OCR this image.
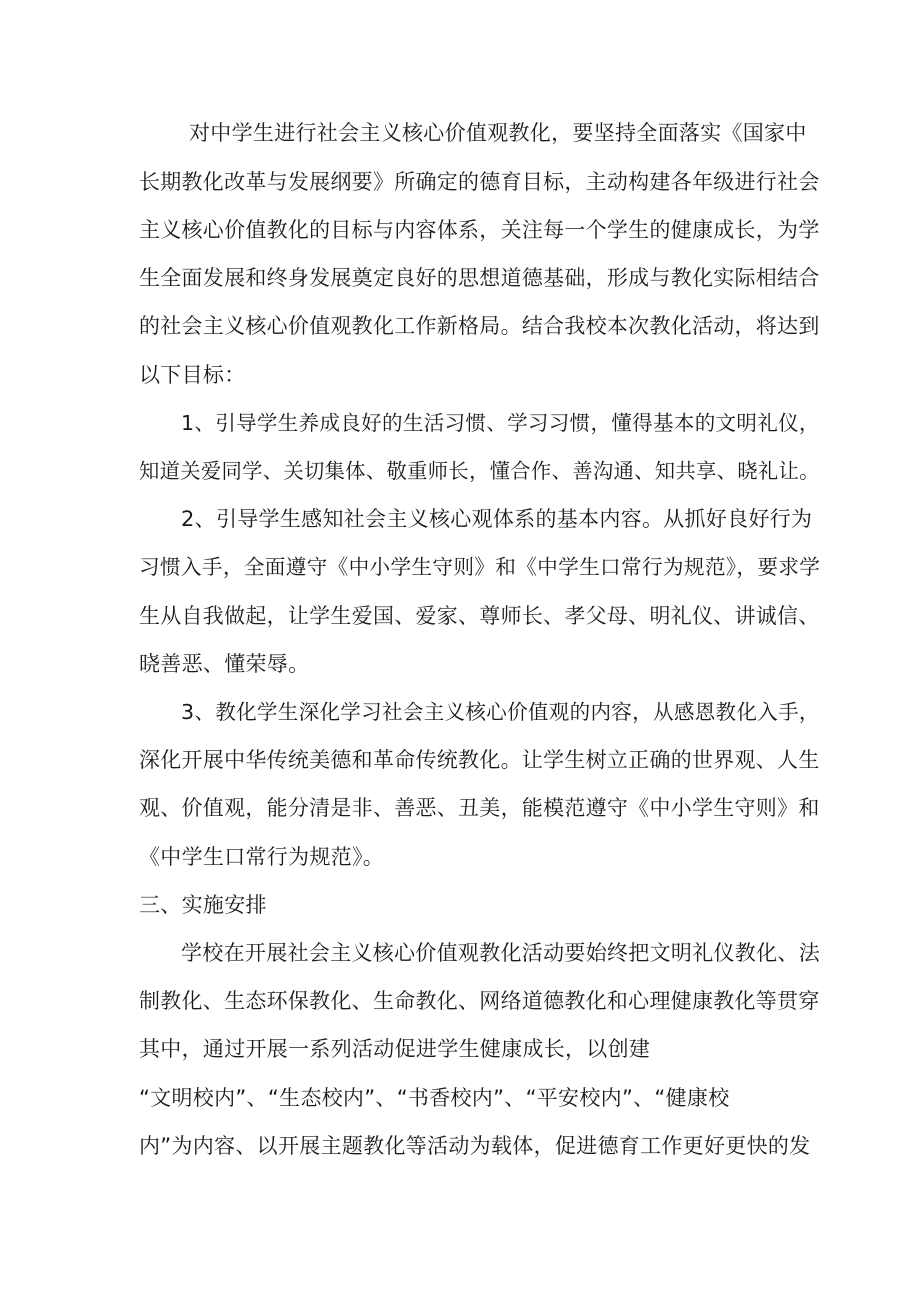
对中学生进行社会主义核心价值观教化，要坚持全面落实《国家中
长期教化改革与发展纲要》所确定的德育目标，主动构建各年级进行社会
主义核心价值教化的目标与内容体系，关注每一个学生的健康成长，为学
生全面发展和终身发展奠定良好的思想道德基础，形成与教化实际相结合
的社会主义核心价值观教化工作新格局。结合我校本次教化活动，将达到
以下目标：
1、引导学生养成良好的生活习惯、学习习惯，懂得基本的文明礼仪，
知道关爱同学、关切集体、敬重师长，懂合作、善沟通、知共享、晓礼让。
2、引导学生感知社会主义核心观体系的基本内容。从抓好良好行为
习惯入手，全面遵守《中小学生守则》和《中学生口常行为规范》，要求学
生从自我做起，让学生爱国、爱家、尊师长、孝父母、明礼仪、讲诚信、
晓善恶、懂荣辱。
3、教化学生深化学习社会主义核心价值观的内容，从感恩教化入手，
深化开展中华传统美德和革命传统教化。让学生树立正确的世界观、人生
观、价值观，能分清是非、善恶、丑美，能模范遵守《中小学生守则》和
《中学生口常行为规范》。
三、实施安排
学校在开展社会主义核心价值观教化活动要始终把文明礼仪教化、法
制教化、生态环保教化、生命教化、网络道德教化和心理健康教化等贯穿
其中，通过开展一系列活动促进学生健康成长，以创建
“文明校内”、“生态校内”、“书香校内”、“平安校内”、“健康校
内”为内容、以开展主题教化等活动为载体，促进德育工作更好更快的发
